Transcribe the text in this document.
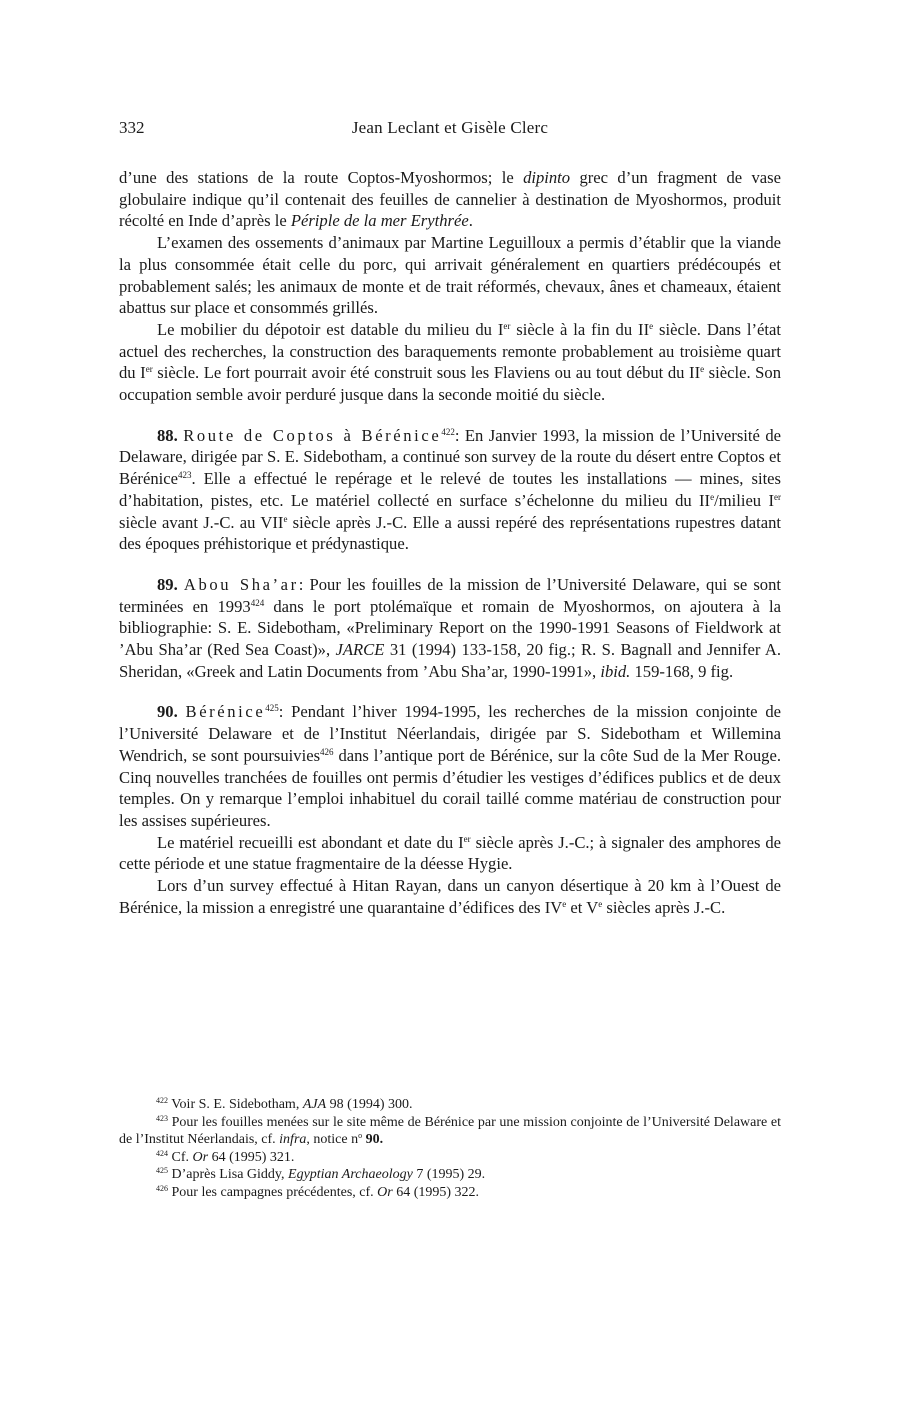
332	Jean Leclant et Gisèle Clerc

d’une des stations de la route Coptos-Myoshormos; le dipinto grec d’un fragment de vase globulaire indique qu’il contenait des feuilles de cannelier à destination de Myoshormos, produit récolté en Inde d’après le Périple de la mer Erythrée.

L’examen des ossements d’animaux par Martine Leguilloux a permis d’établir que la viande la plus consommée était celle du porc, qui arrivait généralement en quartiers prédécoupés et probablement salés; les animaux de monte et de trait réformés, chevaux, ânes et chameaux, étaient abattus sur place et consommés grillés.

Le mobilier du dépotoir est datable du milieu du Ier siècle à la fin du IIe siècle. Dans l’état actuel des recherches, la construction des baraquements remonte probablement au troisième quart du Ier siècle. Le fort pourrait avoir été construit sous les Flaviens ou au tout début du IIe siècle. Son occupation semble avoir perduré jusque dans la seconde moitié du siècle.

88. Route de Coptos à Bérénice$^{422}$: En Janvier 1993, la mission de l’Université de Delaware, dirigée par S. E. Sidebotham, a continué son survey de la route du désert entre Coptos et Bérénice$^{423}$. Elle a effectué le repérage et le relevé de toutes les installations — mines, sites d’habitation, pistes, etc. Le matériel collecté en surface s’échelonne du milieu du IIe/milieu Ier siècle avant J.-C. au VIIe siècle après J.-C. Elle a aussi repéré des représentations rupestres datant des époques préhistorique et prédynastique.

89. Abou Sha’ar: Pour les fouilles de la mission de l’Université Delaware, qui se sont terminées en 1993$^{424}$ dans le port ptolémaïque et romain de Myoshormos, on ajoutera à la bibliographie: S. E. Sidebotham, «Preliminary Report on the 1990-1991 Seasons of Fieldwork at ’Abu Sha’ar (Red Sea Coast)», JARCE 31 (1994) 133-158, 20 fig.; R. S. Bagnall and Jennifer A. Sheridan, «Greek and Latin Documents from ’Abu Sha’ar, 1990-1991», ibid. 159-168, 9 fig.

90. Bérénice$^{425}$: Pendant l’hiver 1994-1995, les recherches de la mission conjointe de l’Université Delaware et de l’Institut Néerlandais, dirigée par S. Sidebotham et Willemina Wendrich, se sont poursuivies$^{426}$ dans l’antique port de Bérénice, sur la côte Sud de la Mer Rouge. Cinq nouvelles tranchées de fouilles ont permis d’étudier les vestiges d’édifices publics et de deux temples. On y remarque l’emploi inhabituel du corail taillé comme matériau de construction pour les assises supérieures.

Le matériel recueilli est abondant et date du Ier siècle après J.-C.; à signaler des amphores de cette période et une statue fragmentaire de la déesse Hygie.

Lors d’un survey effectué à Hitan Rayan, dans un canyon désertique à 20 km à l’Ouest de Bérénice, la mission a enregistré une quarantaine d’édifices des IVe et Ve siècles après J.-C.

$^{422}$ Voir S. E. Sidebotham, AJA 98 (1994) 300.

$^{423}$ Pour les fouilles menées sur le site même de Bérénice par une mission conjointe de l’Université Delaware et de l’Institut Néerlandais, cf. infra, notice $n^o$ 90.

$^{424}$ Cf. Or 64 (1995) 321.

$^{425}$ D’après Lisa Giddy, Egyptian Archaeology 7 (1995) 29.

$^{426}$ Pour les campagnes précédentes, cf. Or 64 (1995) 322.
